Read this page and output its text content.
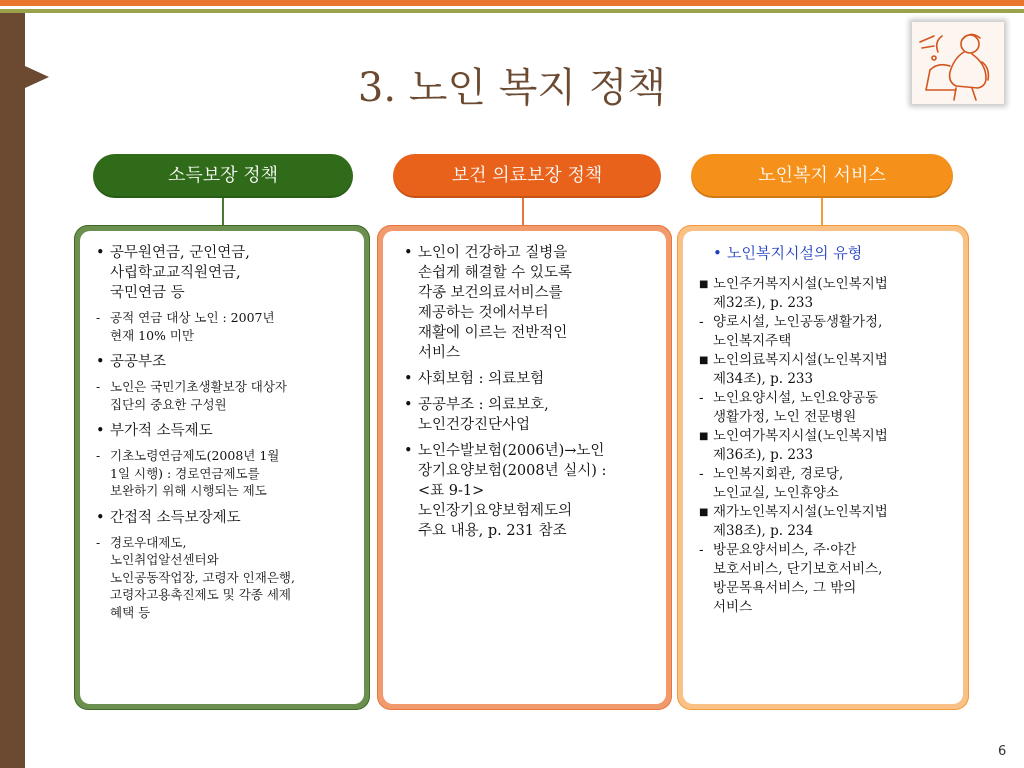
3. 노인 복지 정책
소득보장 정책	보건 의료보장 정책	노인복지 서비스
• 공무원연금, 군인연금,
사립학교교직원연금,
국민연금 등
- 공적 연금 대상 노인 : 2007년
현재 10% 미만
• 공공부조
- 노인은 국민기초생활보장 대상자
집단의 중요한 구성원
• 부가적 소득제도
- 기초노령연금제도(2008년 1월
1일 시행) : 경로연금제도를
보완하기 위해 시행되는 제도
• 간접적 소득보장제도
- 경로우대제도,
노인취업알선센터와
노인공동작업장, 고령자 인재은행,
고령자고용촉진제도 및 각종 세제
혜택 등
• 노인이 건강하고 질병을
손쉽게 해결할 수 있도록
각종 보건의료서비스를
제공하는 것에서부터
재활에 이르는 전반적인
서비스
• 사회보험 : 의료보험
• 공공부조 : 의료보호,
노인건강진단사업
• 노인수발보험(2006년)→노인
장기요양보험(2008년 실시) :
<표 9-1>
노인장기요양보험제도의
주요 내용, p. 231 참조
• 노인복지시설의 유형
■ 노인주거복지시설(노인복지법
제32조), p. 233
- 양로시설, 노인공동생활가정,
노인복지주택
■ 노인의료복지시설(노인복지법
제34조), p. 233
- 노인요양시설, 노인요양공동
생활가정, 노인 전문병원
■ 노인여가복지시설(노인복지법
제36조), p. 233
- 노인복지회관, 경로당,
노인교실, 노인휴양소
■ 재가노인복지시설(노인복지법
제38조), p. 234
- 방문요양서비스, 주·야간
보호서비스, 단기보호서비스,
방문목욕서비스, 그 밖의
서비스
6
